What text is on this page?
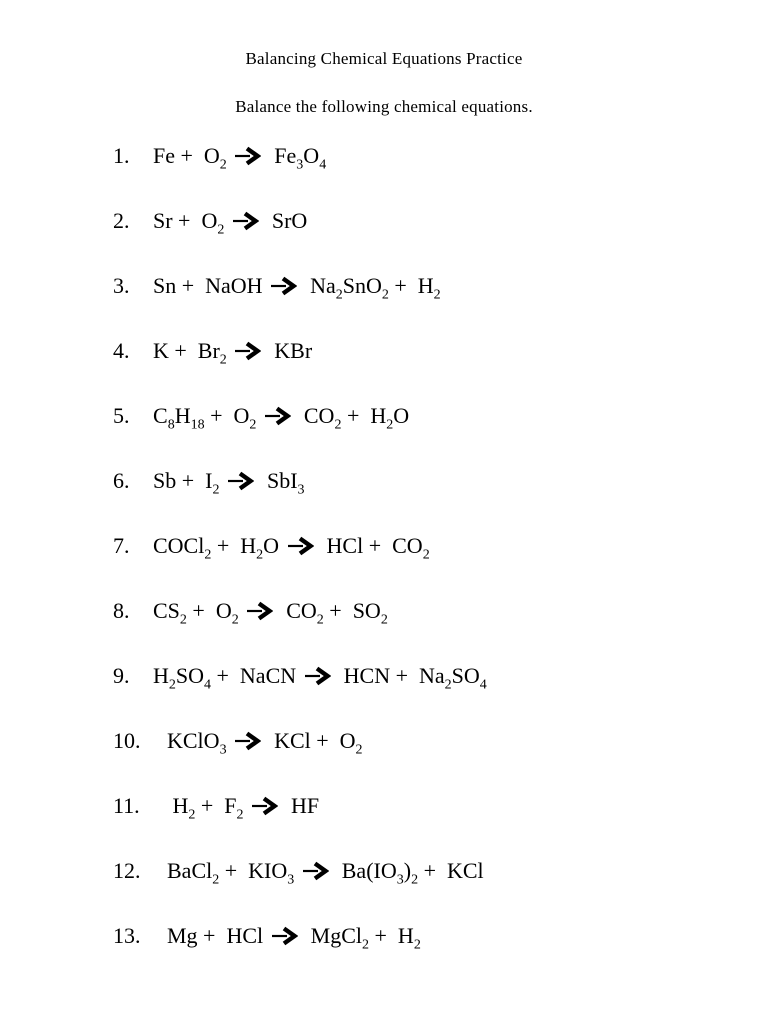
Balancing Chemical Equations Practice
Balance the following chemical equations.
1. $Fe + O_2$   $Fe_3O_4$
2. $Sr + O_2$   SrO
3. Sn +  NaOH   $Na_2SnO_2 + H_2$
4. $K + Br_2$   KBr
5. $C_8H_{18} + O_2$   $CO_2 + H_2O$
6. $Sb + I_2$   SbI$_3$
7. COCl$_2$ +  $H_2O$   HCl +  $CO_2$
8. $CS_2 + O_2$   $CO_2 + SO_2$
9. $H_2SO_4$ +  NaCN   HCN +  $Na_2SO_4$
10. KClO$_3$   KCl +  $O_2$
11. $H_2 + F_2$   HF
12. BaCl$_2$ +  $KIO_3$   $Ba(IO_3)_2$ +  KCl
13. Mg +  HCl   MgCl$_2$ +  $H_2$
